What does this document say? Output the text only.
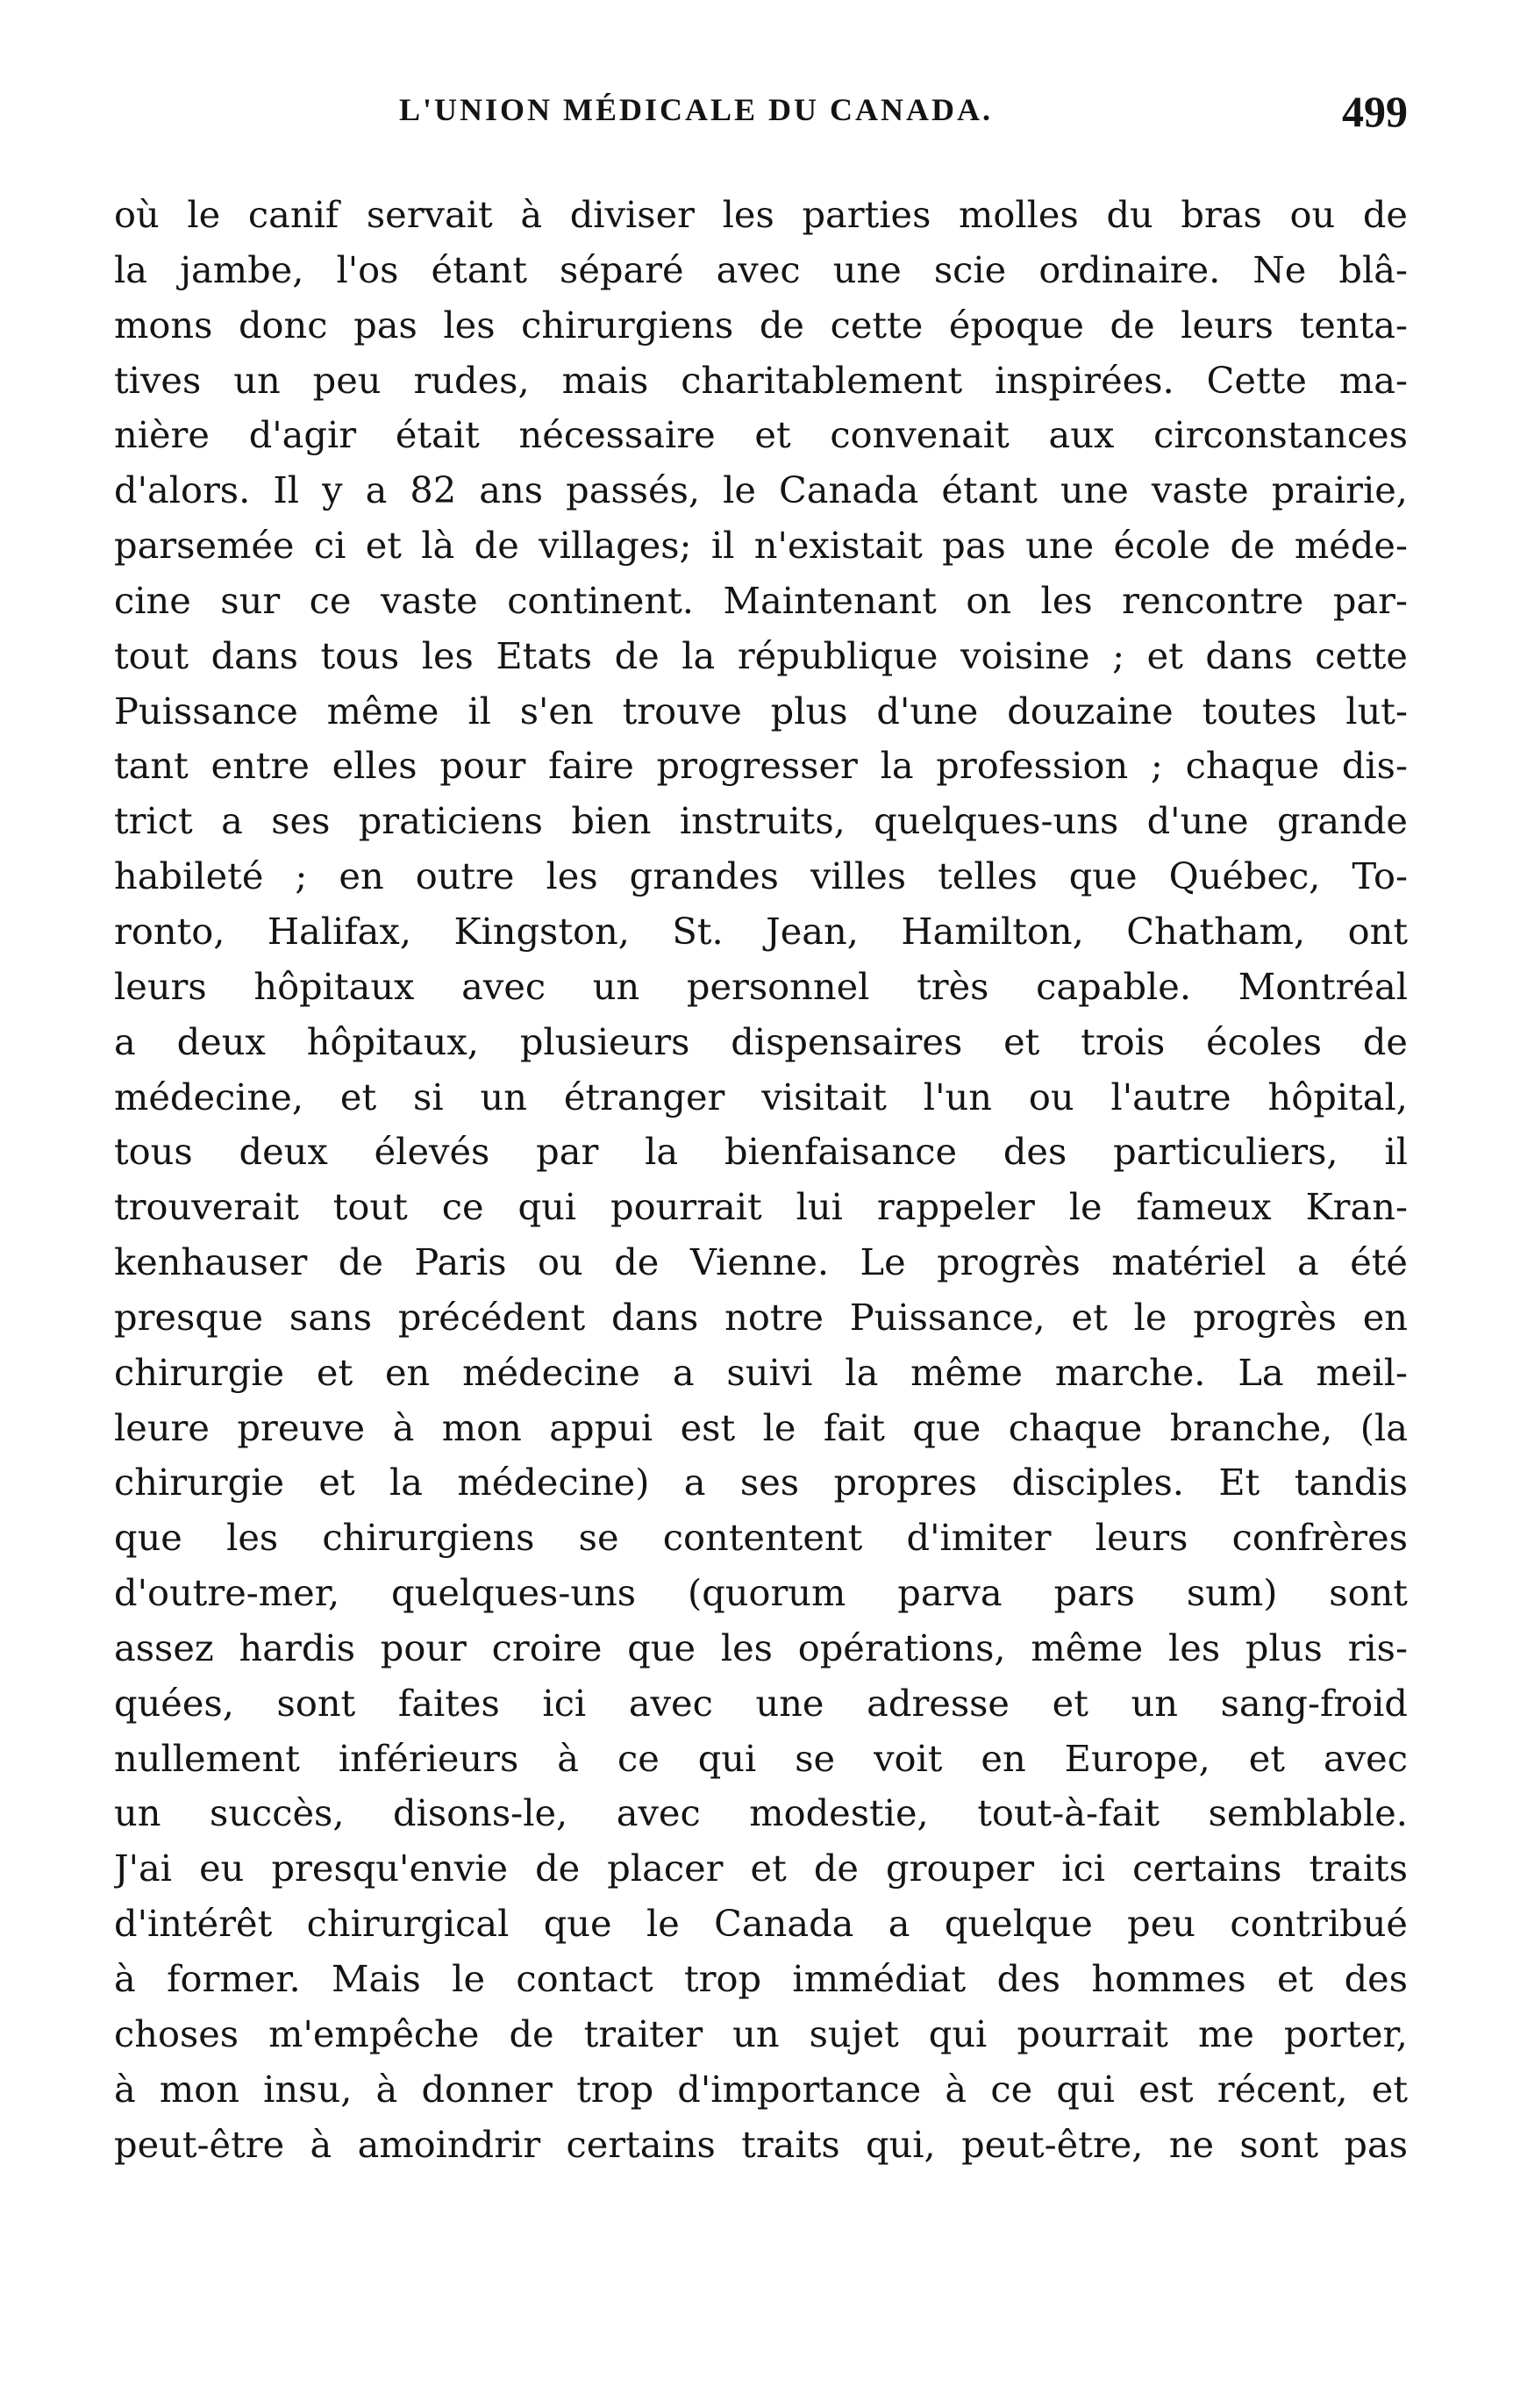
L'UNION MÉDICALE DU CANADA.	499
où le canif servait à diviser les parties molles du bras ou de
la jambe, l'os étant séparé avec une scie ordinaire. Ne blâ-
mons donc pas les chirurgiens de cette époque de leurs tenta-
tives un peu rudes, mais charitablement inspirées. Cette ma-
nière d'agir était nécessaire et convenait aux circonstances
d'alors. Il y a 82 ans passés, le Canada étant une vaste prairie,
parsemée ci et là de villages; il n'existait pas une école de méde-
cine sur ce vaste continent. Maintenant on les rencontre par-
tout dans tous les Etats de la république voisine ; et dans cette
Puissance même il s'en trouve plus d'une douzaine toutes lut-
tant entre elles pour faire progresser la profession ; chaque dis-
trict a ses praticiens bien instruits, quelques-uns d'une grande
habileté ; en outre les grandes villes telles que Québec, To-
ronto, Halifax, Kingston, St. Jean, Hamilton, Chatham, ont
leurs hôpitaux avec un personnel très capable. Montréal
a deux hôpitaux, plusieurs dispensaires et trois écoles de
médecine, et si un étranger visitait l'un ou l'autre hôpital,
tous deux élevés par la bienfaisance des particuliers, il
trouverait tout ce qui pourrait lui rappeler le fameux Kran-
kenhauser de Paris ou de Vienne. Le progrès matériel a été
presque sans précédent dans notre Puissance, et le progrès en
chirurgie et en médecine a suivi la même marche. La meil-
leure preuve à mon appui est le fait que chaque branche, (la
chirurgie et la médecine) a ses propres disciples. Et tandis
que les chirurgiens se contentent d'imiter leurs confrères
d'outre-mer, quelques-uns (quorum parva pars sum) sont
assez hardis pour croire que les opérations, même les plus ris-
quées, sont faites ici avec une adresse et un sang-froid
nullement inférieurs à ce qui se voit en Europe, et avec
un succès, disons-le, avec modestie, tout-à-fait semblable.
J'ai eu presqu'envie de placer et de grouper ici certains traits
d'intérêt chirurgical que le Canada a quelque peu contribué
à former. Mais le contact trop immédiat des hommes et des
choses m'empêche de traiter un sujet qui pourrait me porter,
à mon insu, à donner trop d'importance à ce qui est récent, et
peut-être à amoindrir certains traits qui, peut-être, ne sont pas
